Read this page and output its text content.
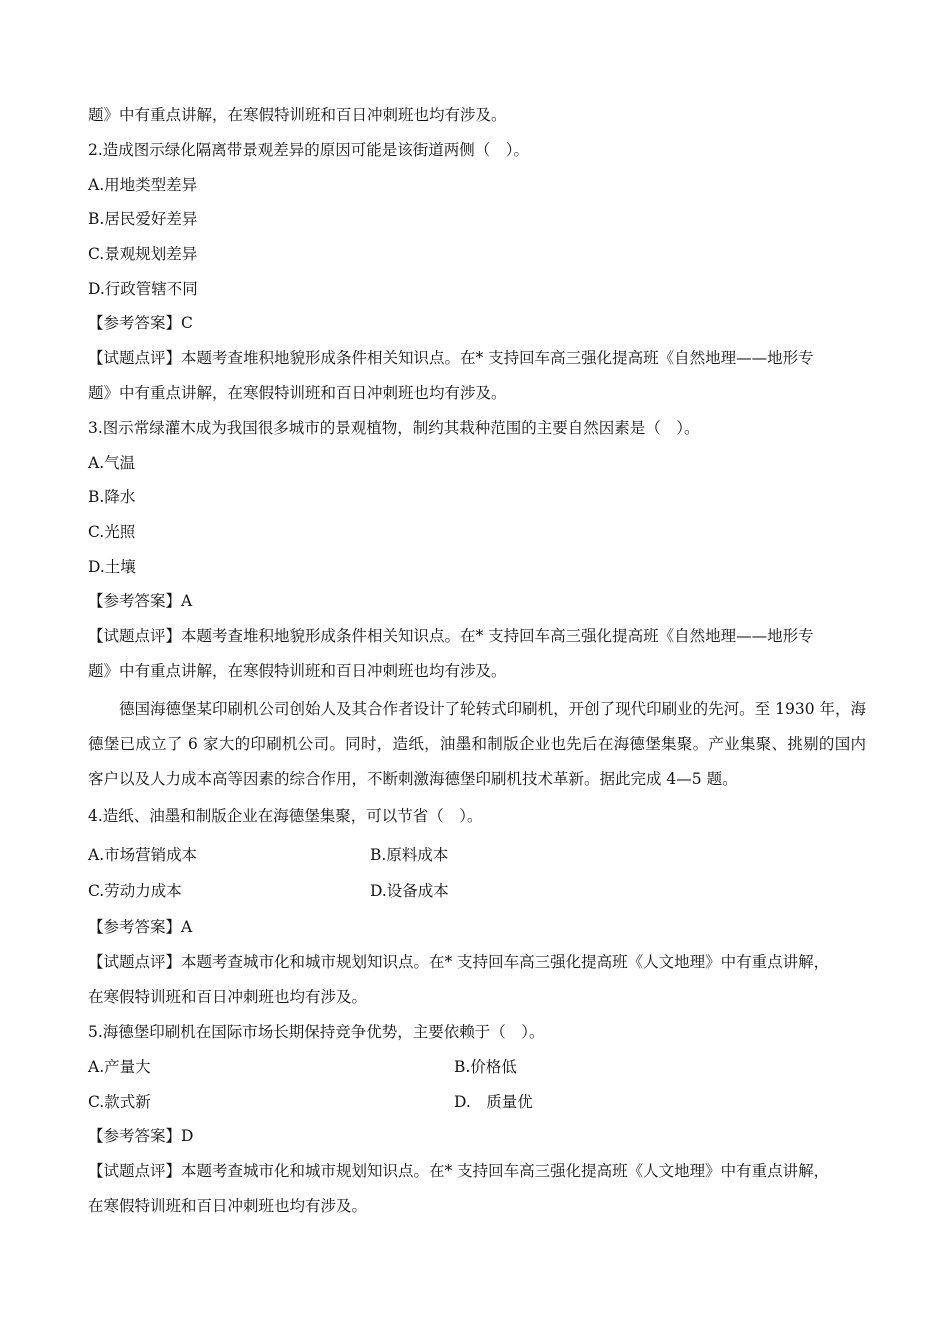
题》中有重点讲解，在寒假特训班和百日冲刺班也均有涉及。
2.造成图示绿化隔离带景观差异的原因可能是该街道两侧（　）。
A.用地类型差异
B.居民爱好差异
C.景观规划差异
D.行政管辖不同
【参考答案】C
【试题点评】本题考查堆积地貌形成条件相关知识点。在* 支持回车高三强化提高班《自然地理——地形专
题》中有重点讲解，在寒假特训班和百日冲刺班也均有涉及。
3.图示常绿灌木成为我国很多城市的景观植物，制约其栽种范围的主要自然因素是（　）。
A.气温
B.降水
C.光照
D.土壤
【参考答案】A
【试题点评】本题考查堆积地貌形成条件相关知识点。在* 支持回车高三强化提高班《自然地理——地形专
题》中有重点讲解，在寒假特训班和百日冲刺班也均有涉及。
德国海德堡某印刷机公司创始人及其合作者设计了轮转式印刷机，开创了现代印刷业的先河。至 1930 年，海德堡已成立了 6 家大的印刷机公司。同时，造纸，油墨和制版企业也先后在海德堡集聚。产业集聚、挑剔的国内客户以及人力成本高等因素的综合作用，不断刺激海德堡印刷机技术革新。据此完成 4—5 题。
4.造纸、油墨和制版企业在海德堡集聚，可以节省（　）。
A.市场营销成本	B.原料成本
C.劳动力成本	D.设备成本
【参考答案】A
【试题点评】本题考查城市化和城市规划知识点。在* 支持回车高三强化提高班《人文地理》中有重点讲解，
在寒假特训班和百日冲刺班也均有涉及。
5.海德堡印刷机在国际市场长期保持竞争优势，主要依赖于（　）。
A.产量大	B.价格低
C.款式新	D.　质量优
【参考答案】D
【试题点评】本题考查城市化和城市规划知识点。在* 支持回车高三强化提高班《人文地理》中有重点讲解，
在寒假特训班和百日冲刺班也均有涉及。
